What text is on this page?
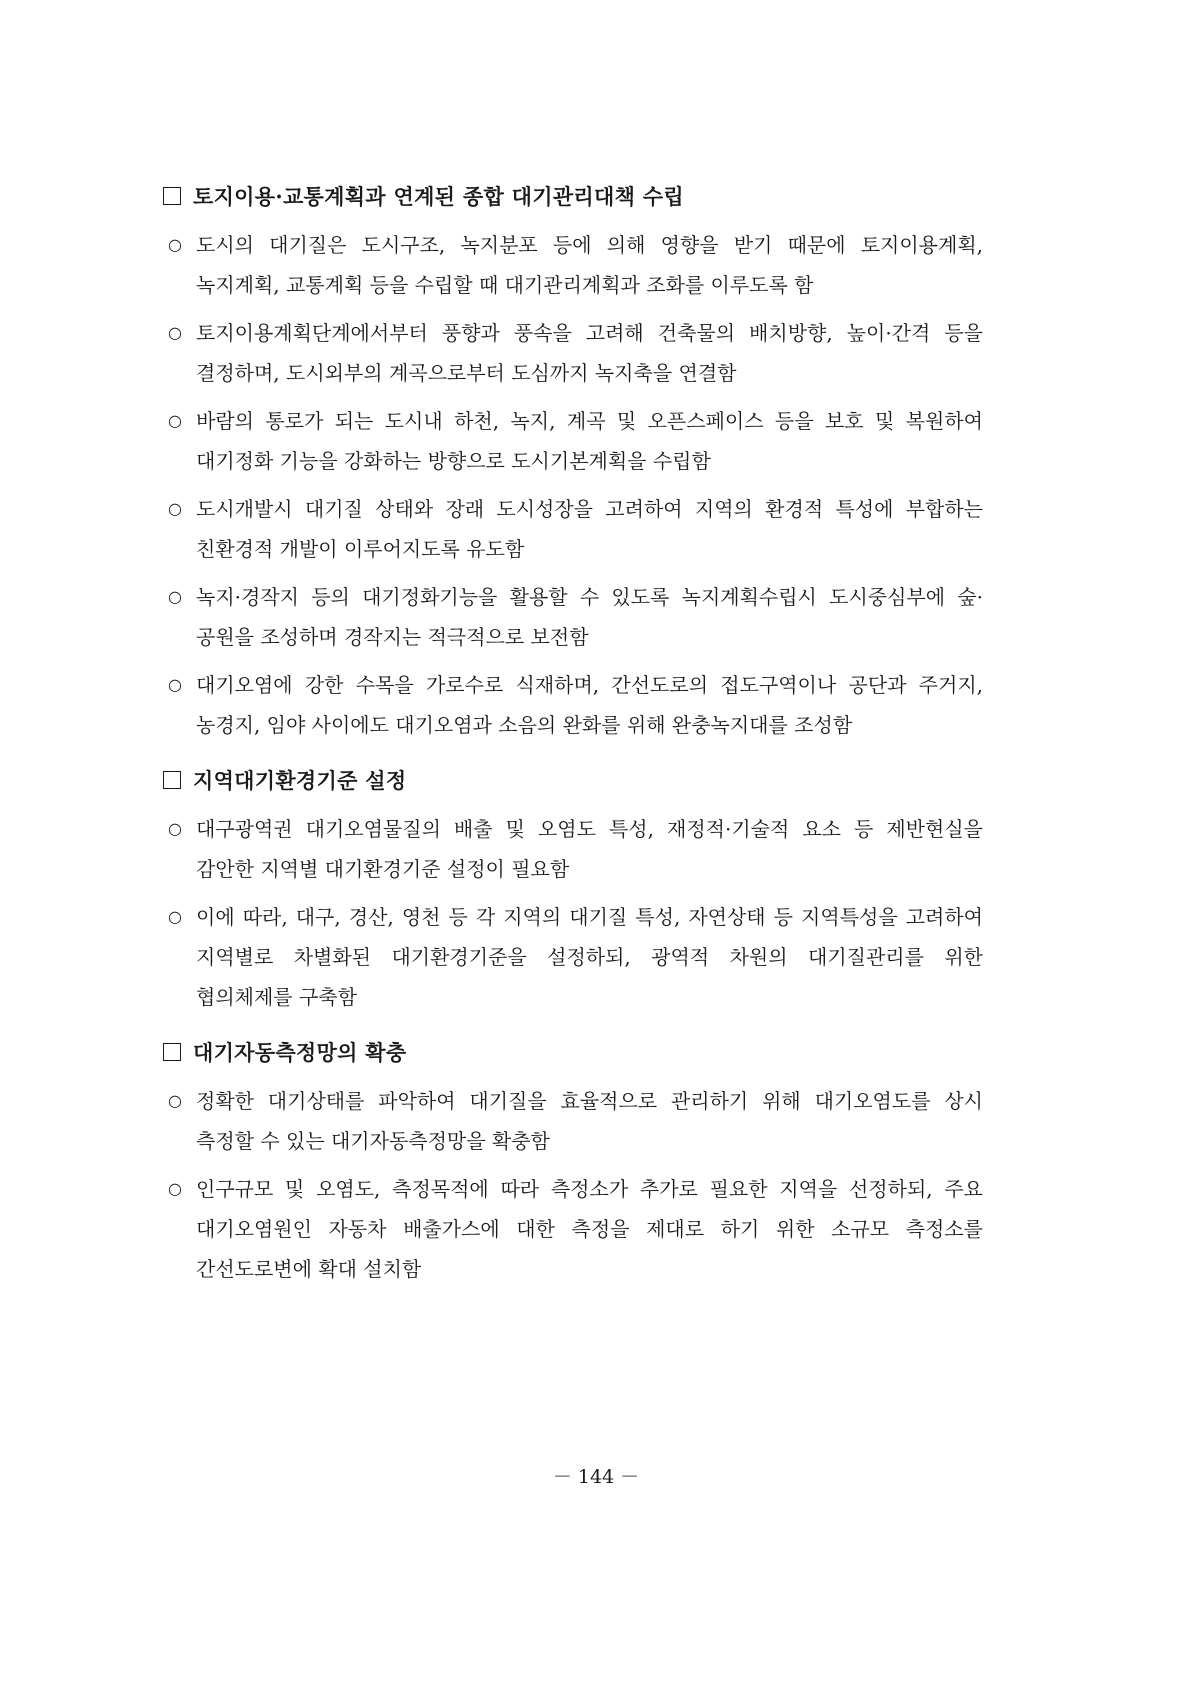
토지이용·교통계획과 연계된 종합 대기관리대책 수립
○ 도시의 대기질은 도시구조, 녹지분포 등에 의해 영향을 받기 때문에 토지이용계획, 녹지계획, 교통계획 등을 수립할 때 대기관리계획과 조화를 이루도록 함
○ 토지이용계획단계에서부터 풍향과 풍속을 고려해 건축물의 배치방향, 높이·간격 등을 결정하며, 도시외부의 계곡으로부터 도심까지 녹지축을 연결함
○ 바람의 통로가 되는 도시내 하천, 녹지, 계곡 및 오픈스페이스 등을 보호 및 복원하여 대기정화 기능을 강화하는 방향으로 도시기본계획을 수립함
○ 도시개발시 대기질 상태와 장래 도시성장을 고려하여 지역의 환경적 특성에 부합하는 친환경적 개발이 이루어지도록 유도함
○ 녹지·경작지 등의 대기정화기능을 활용할 수 있도록 녹지계획수립시 도시중심부에 숲·공원을 조성하며 경작지는 적극적으로 보전함
○ 대기오염에 강한 수목을 가로수로 식재하며, 간선도로의 접도구역이나 공단과 주거지, 농경지, 임야 사이에도 대기오염과 소음의 완화를 위해 완충녹지대를 조성함
지역대기환경기준 설정
○ 대구광역권 대기오염물질의 배출 및 오염도 특성, 재정적·기술적 요소 등 제반현실을 감안한 지역별 대기환경기준 설정이 필요함
○ 이에 따라, 대구, 경산, 영천 등 각 지역의 대기질 특성, 자연상태 등 지역특성을 고려하여 지역별로 차별화된 대기환경기준을 설정하되, 광역적 차원의 대기질관리를 위한 협의체제를 구축함
대기자동측정망의 확충
○ 정확한 대기상태를 파악하여 대기질을 효율적으로 관리하기 위해 대기오염도를 상시 측정할 수 있는 대기자동측정망을 확충함
○ 인구규모 및 오염도, 측정목적에 따라 측정소가 추가로 필요한 지역을 선정하되, 주요 대기오염원인 자동차 배출가스에 대한 측정을 제대로 하기 위한 소규모 측정소를 간선도로변에 확대 설치함
－ 144 －
